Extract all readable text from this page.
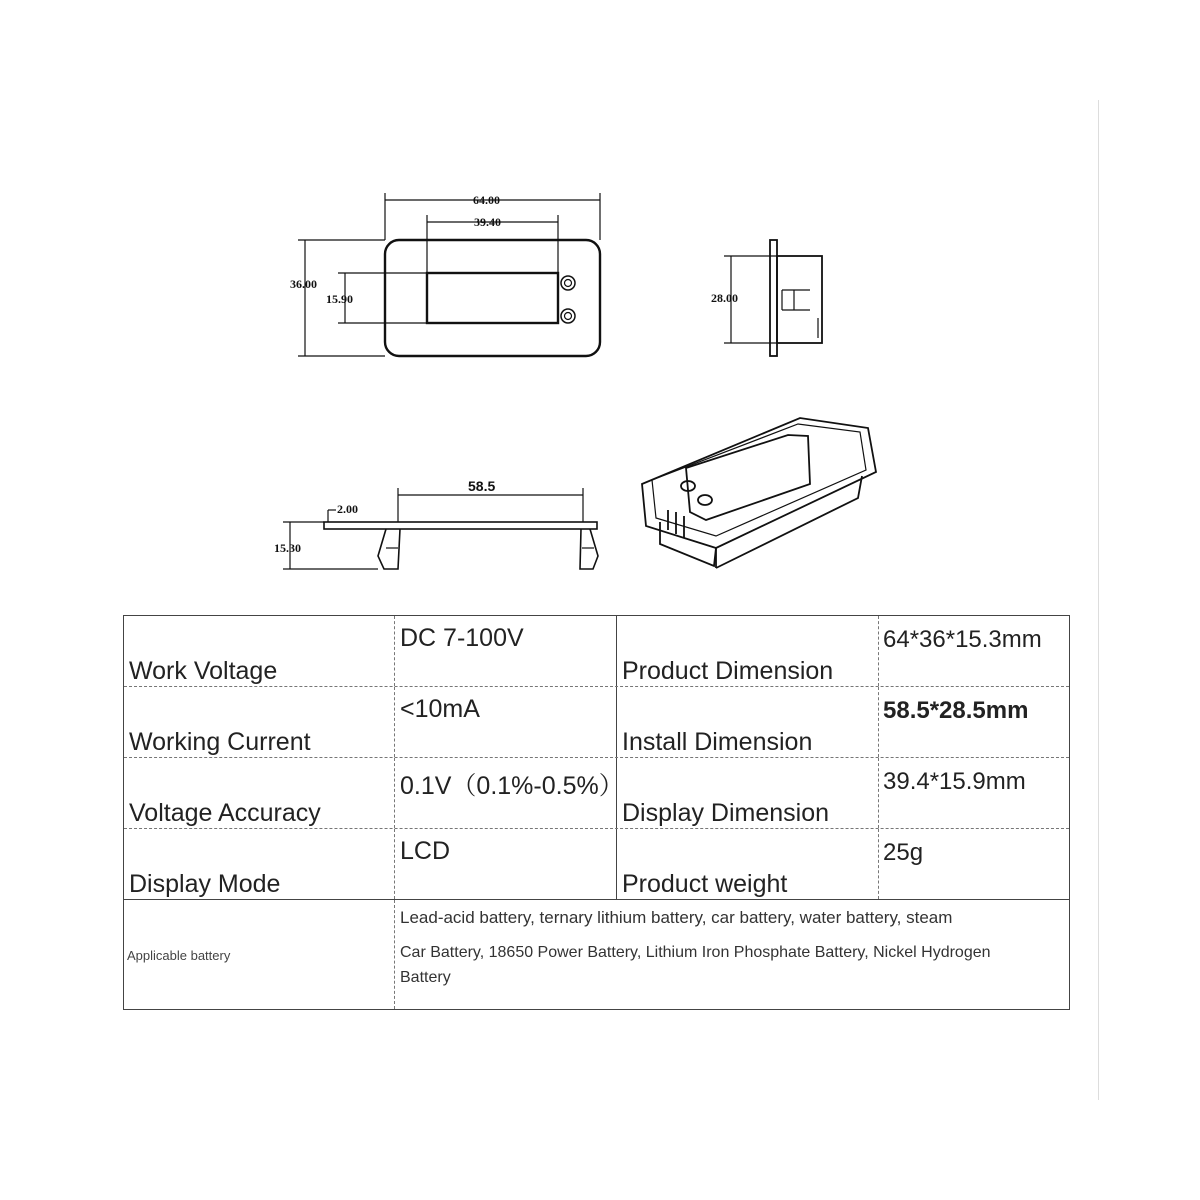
64.00
39.40
36.00
15.90	28.00
58.5
2.00
15.30
Work Voltage
DC 7-100V
Product Dimension
64*36*15.3mm
Working Current
<10mA
Install Dimension
58.5*28.5mm
Voltage Accuracy
0.1V（0.1%-0.5%）
Display Dimension
39.4*15.9mm
Display Mode
LCD
Product weight
25g
Applicable battery
Lead-acid battery, ternary lithium battery, car battery, water battery, steam
Car Battery, 18650 Power Battery, Lithium Iron Phosphate Battery, Nickel Hydrogen
Battery
